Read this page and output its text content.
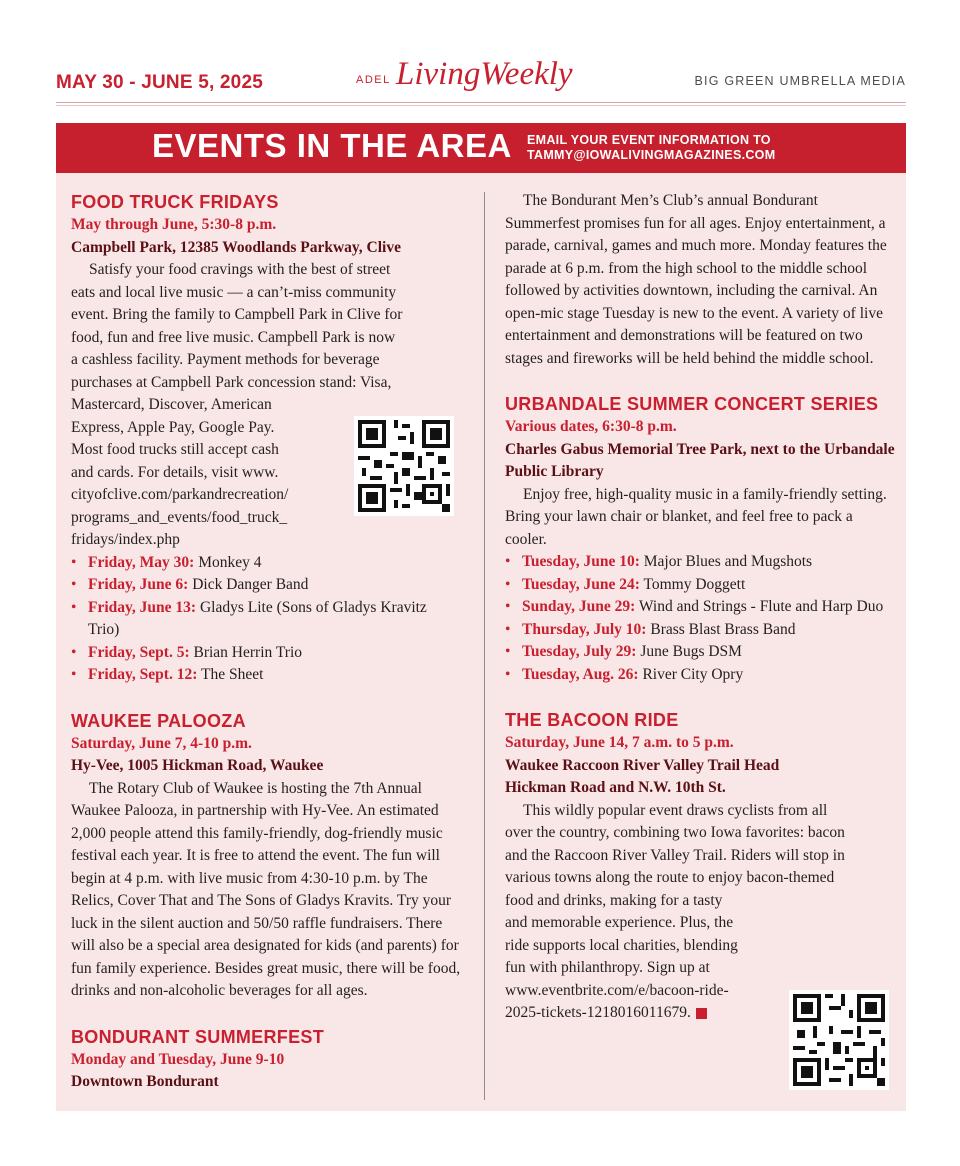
MAY 30 - JUNE 5, 2025	ADEL LivingWeekly	BIG GREEN UMBRELLA MEDIA
EVENTS IN THE AREA EMAIL YOUR EVENT INFORMATION TO
TAMMY@IOWALIVINGMAGAZINES.COM
FOOD TRUCK FRIDAYS
May through June, 5:30-8 p.m.
Campbell Park, 12385 Woodlands Parkway, Clive
Satisfy your food cravings with the best of street
eats and local live music — a can’t-miss community
event. Bring the family to Campbell Park in Clive for
food, fun and free live music. Campbell Park is now
a cashless facility. Payment methods for beverage
purchases at Campbell Park concession stand: Visa,
Mastercard, Discover, American
Express, Apple Pay, Google Pay.
Most food trucks still accept cash
and cards. For details, visit www.
cityofclive.com/parkandrecreation/
programs_and_events/food_truck_
fridays/index.php
• Friday, May 30: Monkey 4
• Friday, June 6: Dick Danger Band
• Friday, June 13: Gladys Lite (Sons of Gladys Kravitz Trio)
• Friday, Sept. 5: Brian Herrin Trio
• Friday, Sept. 12: The Sheet
WAUKEE PALOOZA
Saturday, June 7, 4-10 p.m.
Hy-Vee, 1005 Hickman Road, Waukee

The Rotary Club of Waukee is hosting the 7th Annual Waukee Palooza, in partnership with Hy-Vee. An estimated 2,000 people attend this family-friendly, dog-friendly music festival each year. It is free to attend the event. The fun will begin at 4 p.m. with live music from 4:30-10 p.m. by The Relics, Cover That and The Sons of Gladys Kravits. Try your luck in the silent auction and 50/50 raffle fundraisers. There will also be a special area designated for kids (and parents) for fun family experience. Besides great music, there will be food, drinks and non-alcoholic beverages for all ages.

BONDURANT SUMMERFEST
Monday and Tuesday, June 9-10
Downtown Bondurant

The Bondurant Men’s Club’s annual Bondurant Summerfest promises fun for all ages. Enjoy entertainment, a parade, carnival, games and much more. Monday features the parade at 6 p.m. from the high school to the middle school followed by activities downtown, including the carnival. An open-mic stage Tuesday is new to the event. A variety of live entertainment and demonstrations will be featured on two stages and fireworks will be held behind the middle school.

URBANDALE SUMMER CONCERT SERIES
Various dates, 6:30-8 p.m.
Charles Gabus Memorial Tree Park, next to the Urbandale Public Library

Enjoy free, high-quality music in a family-friendly setting. Bring your lawn chair or blanket, and feel free to pack a cooler.

• Tuesday, June 10: Major Blues and Mugshots
• Tuesday, June 24: Tommy Doggett
• Sunday, June 29: Wind and Strings - Flute and Harp Duo
• Thursday, July 10: Brass Blast Brass Band
• Tuesday, July 29: June Bugs DSM
• Tuesday, Aug. 26: River City Opry
THE BACOON RIDE
Saturday, June 14, 7 a.m. to 5 p.m.
Waukee Raccoon River Valley Trail Head
Hickman Road and N.W. 10th St.
This wildly popular event draws cyclists from all
over the country, combining two Iowa favorites: bacon
and the Raccoon River Valley Trail. Riders will stop in
various towns along the route to enjoy bacon-themed
food and drinks, making for a tasty
and memorable experience. Plus, the
ride supports local charities, blending
fun with philanthropy. Sign up at
www.eventbrite.com/e/bacoon-ride-
2025-tickets-1218016011679.
